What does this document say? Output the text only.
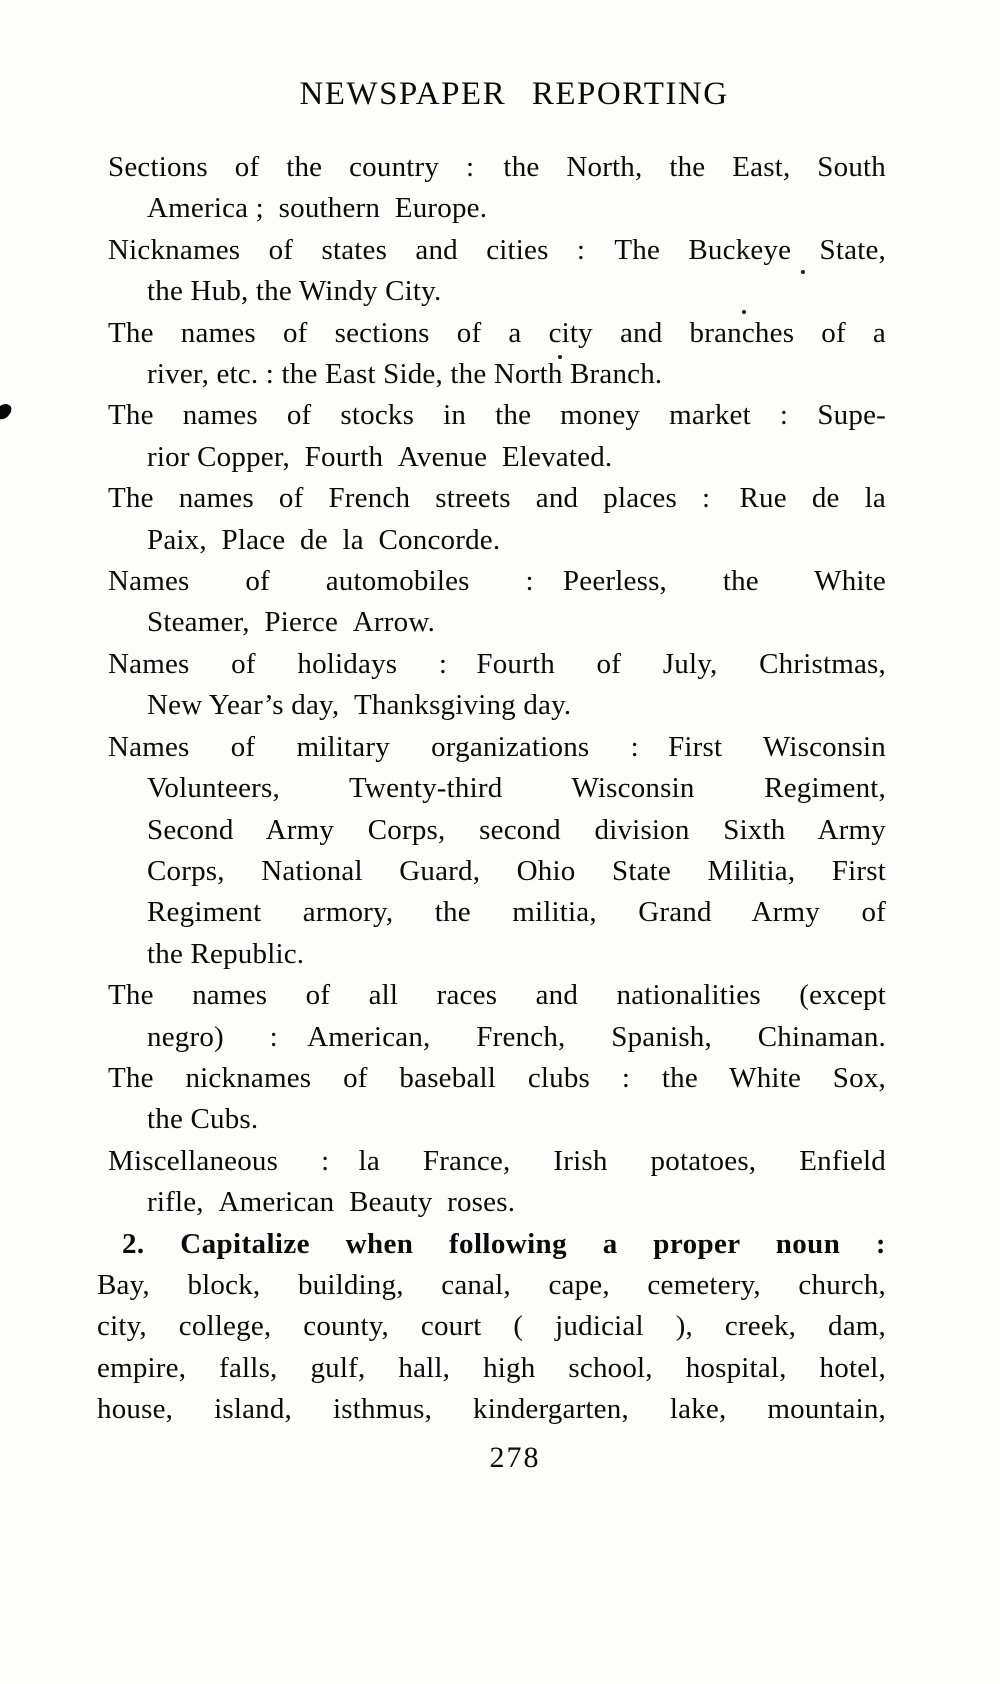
NEWSPAPER REPORTING
Sections of the country : the North, the East, South
America ; southern Europe.
Nicknames of states and cities : The Buckeye State,
the Hub, the Windy City.
The names of sections of a city and branches of a
river, etc. : the East Side, the North Branch.
The names of stocks in the money market : Supe-
rior Copper, Fourth Avenue Elevated.
The names of French streets and places : Rue de la
Paix, Place de la Concorde.
Names of automobiles : Peerless, the White
Steamer, Pierce Arrow.
Names of holidays : Fourth of July, Christmas,
New Year’s day, Thanksgiving day.
Names of military organizations : First Wisconsin
Volunteers, Twenty-third Wisconsin Regiment,
Second Army Corps, second division Sixth Army
Corps, National Guard, Ohio State Militia, First
Regiment armory, the militia, Grand Army of
the Republic.
The names of all races and nationalities (except
negro) : American, French, Spanish, Chinaman.
The nicknames of baseball clubs : the White Sox,
the Cubs.
Miscellaneous : la France, Irish potatoes, Enfield
rifle, American Beauty roses.
2. Capitalize when following a proper noun :
Bay, block, building, canal, cape, cemetery, church,
city, college, county, court ( judicial ), creek, dam,
empire, falls, gulf, hall, high school, hospital, hotel,
house, island, isthmus, kindergarten, lake, mountain,
278
